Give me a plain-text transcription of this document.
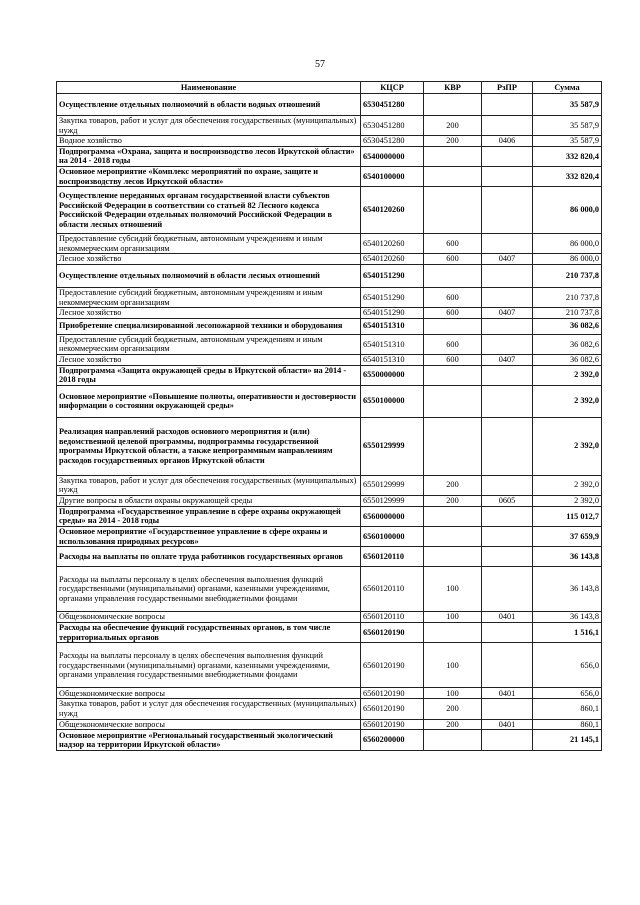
57
Наименование	КЦСР	КВР	РзПР	Сумма
Осуществление отдельных полномочий в области водных отношений	6530451280			35 587,9
Закупка товаров, работ и услуг для обеспечения государственных (муниципальных) нужд	6530451280	200		35 587,9
Водное хозяйство	6530451280	200	0406	35 587,9
Подпрограмма «Охрана, защита и воспроизводство лесов Иркутской области» на 2014 - 2018 годы	6540000000			332 820,4
Основное мероприятие «Комплекс мероприятий по охране, защите и воспроизводству лесов Иркутской области»	6540100000			332 820,4
Осуществление переданных органам государственной власти субъектов Российской Федерации в соответствии со статьей 82 Лесного кодекса Российской Федерации отдельных полномочий Российской Федерации в области лесных отношений	6540120260			86 000,0
Предоставление субсидий бюджетным, автономным учреждениям и иным некоммерческим организациям	6540120260	600		86 000,0
Лесное хозяйство	6540120260	600	0407	86 000,0
Осуществление отдельных полномочий в области лесных отношений	6540151290			210 737,8
Предоставление субсидий бюджетным, автономным учреждениям и иным некоммерческим организациям	6540151290	600		210 737,8
Лесное хозяйство	6540151290	600	0407	210 737,8
Приобретение специализированной лесопожарной техники и оборудования	6540151310			36 082,6
Предоставление субсидий бюджетным, автономным учреждениям и иным некоммерческим организациям	6540151310	600		36 082,6
Лесное хозяйство	6540151310	600	0407	36 082,6
Подпрограмма «Защита окружающей среды в Иркутской области» на 2014 - 2018 годы	6550000000			2 392,0
Основное мероприятие «Повышение полноты, оперативности и достоверности информации о состоянии окружающей среды»	6550100000			2 392,0
Реализация направлений расходов основного мероприятия и (или) ведомственной целевой программы, подпрограммы государственной программы Иркутской области, а также непрограммным направлениям расходов государственных органов Иркутской области	6550129999			2 392,0
Закупка товаров, работ и услуг для обеспечения государственных (муниципальных) нужд	6550129999	200		2 392,0
Другие вопросы в области охраны окружающей среды	6550129999	200	0605	2 392,0
Подпрограмма «Государственное управление в сфере охраны окружающей среды» на 2014 - 2018 годы	6560000000			115 012,7
Основное мероприятие «Государственное управление в сфере охраны и использования природных ресурсов»	6560100000			37 659,9
Расходы на выплаты по оплате труда работников государственных органов	6560120110			36 143,8
Расходы на выплаты персоналу в целях обеспечения выполнения функций государственными (муниципальными) органами, казенными учреждениями, органами управления государственными внебюджетными фондами	6560120110	100		36 143,8
Общеэкономические вопросы	6560120110	100	0401	36 143,8
Расходы на обеспечение функций государственных органов, в том числе территориальных органов	6560120190			1 516,1
Расходы на выплаты персоналу в целях обеспечения выполнения функций государственными (муниципальными) органами, казенными учреждениями, органами управления государственными внебюджетными фондами	6560120190	100		656,0
Общеэкономические вопросы	6560120190	100	0401	656,0
Закупка товаров, работ и услуг для обеспечения государственных (муниципальных) нужд	6560120190	200		860,1
Общеэкономические вопросы	6560120190	200	0401	860,1
Основное мероприятие «Региональный государственный экологический надзор на территории Иркутской области»	6560200000			21 145,1
